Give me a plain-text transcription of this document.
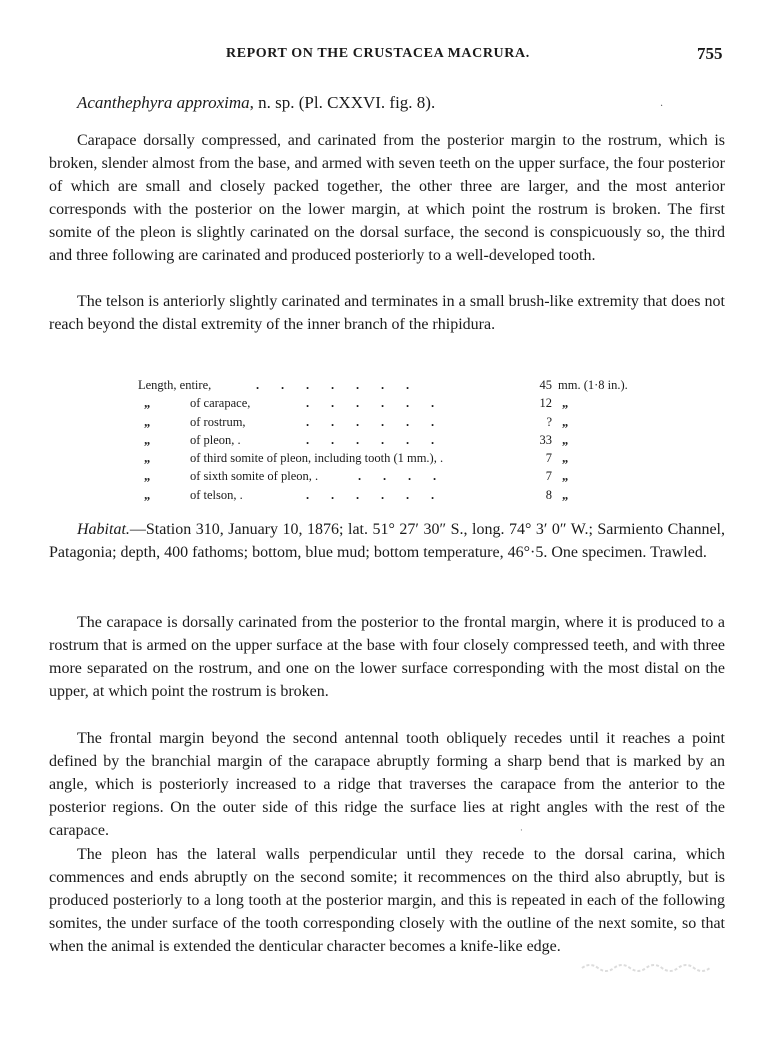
REPORT ON THE CRUSTACEA MACRURA.	755
Acanthephyra approxima, n. sp. (Pl. CXXVI. fig. 8).	.

Carapace dorsally compressed, and carinated from the posterior margin to the rostrum, which is broken, slender almost from the base, and armed with seven teeth on the upper surface, the four posterior of which are small and closely packed together, the other three are larger, and the most anterior corresponds with the posterior on the lower margin, at which point the rostrum is broken. The first somite of the pleon is slightly carinated on the dorsal surface, the second is conspicuously so, the third and three following are carinated and produced posteriorly to a well-developed tooth.

The telson is anteriorly slightly carinated and terminates in a small brush-like extremity that does not reach beyond the distal extremity of the inner branch of the rhipidura.

Length, entire,	.       .       .       .       .       .       .	45 mm. (1·8 in.).
„	of carapace,	.       .       .       .       .       .	12 „
„	of rostrum,	.       .       .       .       .       .	? „
„	of pleon, .	.       .       .       .       .       .	33 „
„	of third somite of pleon, including tooth (1 mm.), .	7 „
„	of sixth somite of pleon, .	.       .       .       .	7 „
„	of telson, .	.       .       .       .       .       .	8 „

Habitat.—Station 310, January 10, 1876; lat. 51° 27′ 30″ S., long. 74° 3′ 0″ W.; Sarmiento Channel, Patagonia; depth, 400 fathoms; bottom, blue mud; bottom temperature, 46°·5. One specimen. Trawled.

The carapace is dorsally carinated from the posterior to the frontal margin, where it is produced to a rostrum that is armed on the upper surface at the base with four closely compressed teeth, and with three more separated on the rostrum, and one on the lower surface corresponding with the most distal on the upper, at which point the rostrum is broken.

·

The frontal margin beyond the second antennal tooth obliquely recedes until it reaches a point defined by the branchial margin of the carapace abruptly forming a sharp bend that is marked by an angle, which is posteriorly increased to a ridge that traverses the carapace from the anterior to the posterior regions. On the outer side of this ridge the surface lies at right angles with the rest of the carapace.

The pleon has the lateral walls perpendicular until they recede to the dorsal carina, which commences and ends abruptly on the second somite; it recommences on the third also abruptly, but is produced posteriorly to a long tooth at the posterior margin, and this is repeated in each of the following somites, the under surface of the tooth corresponding closely with the outline of the next somite, so that when the animal is extended the denticular character becomes a knife-like edge.
